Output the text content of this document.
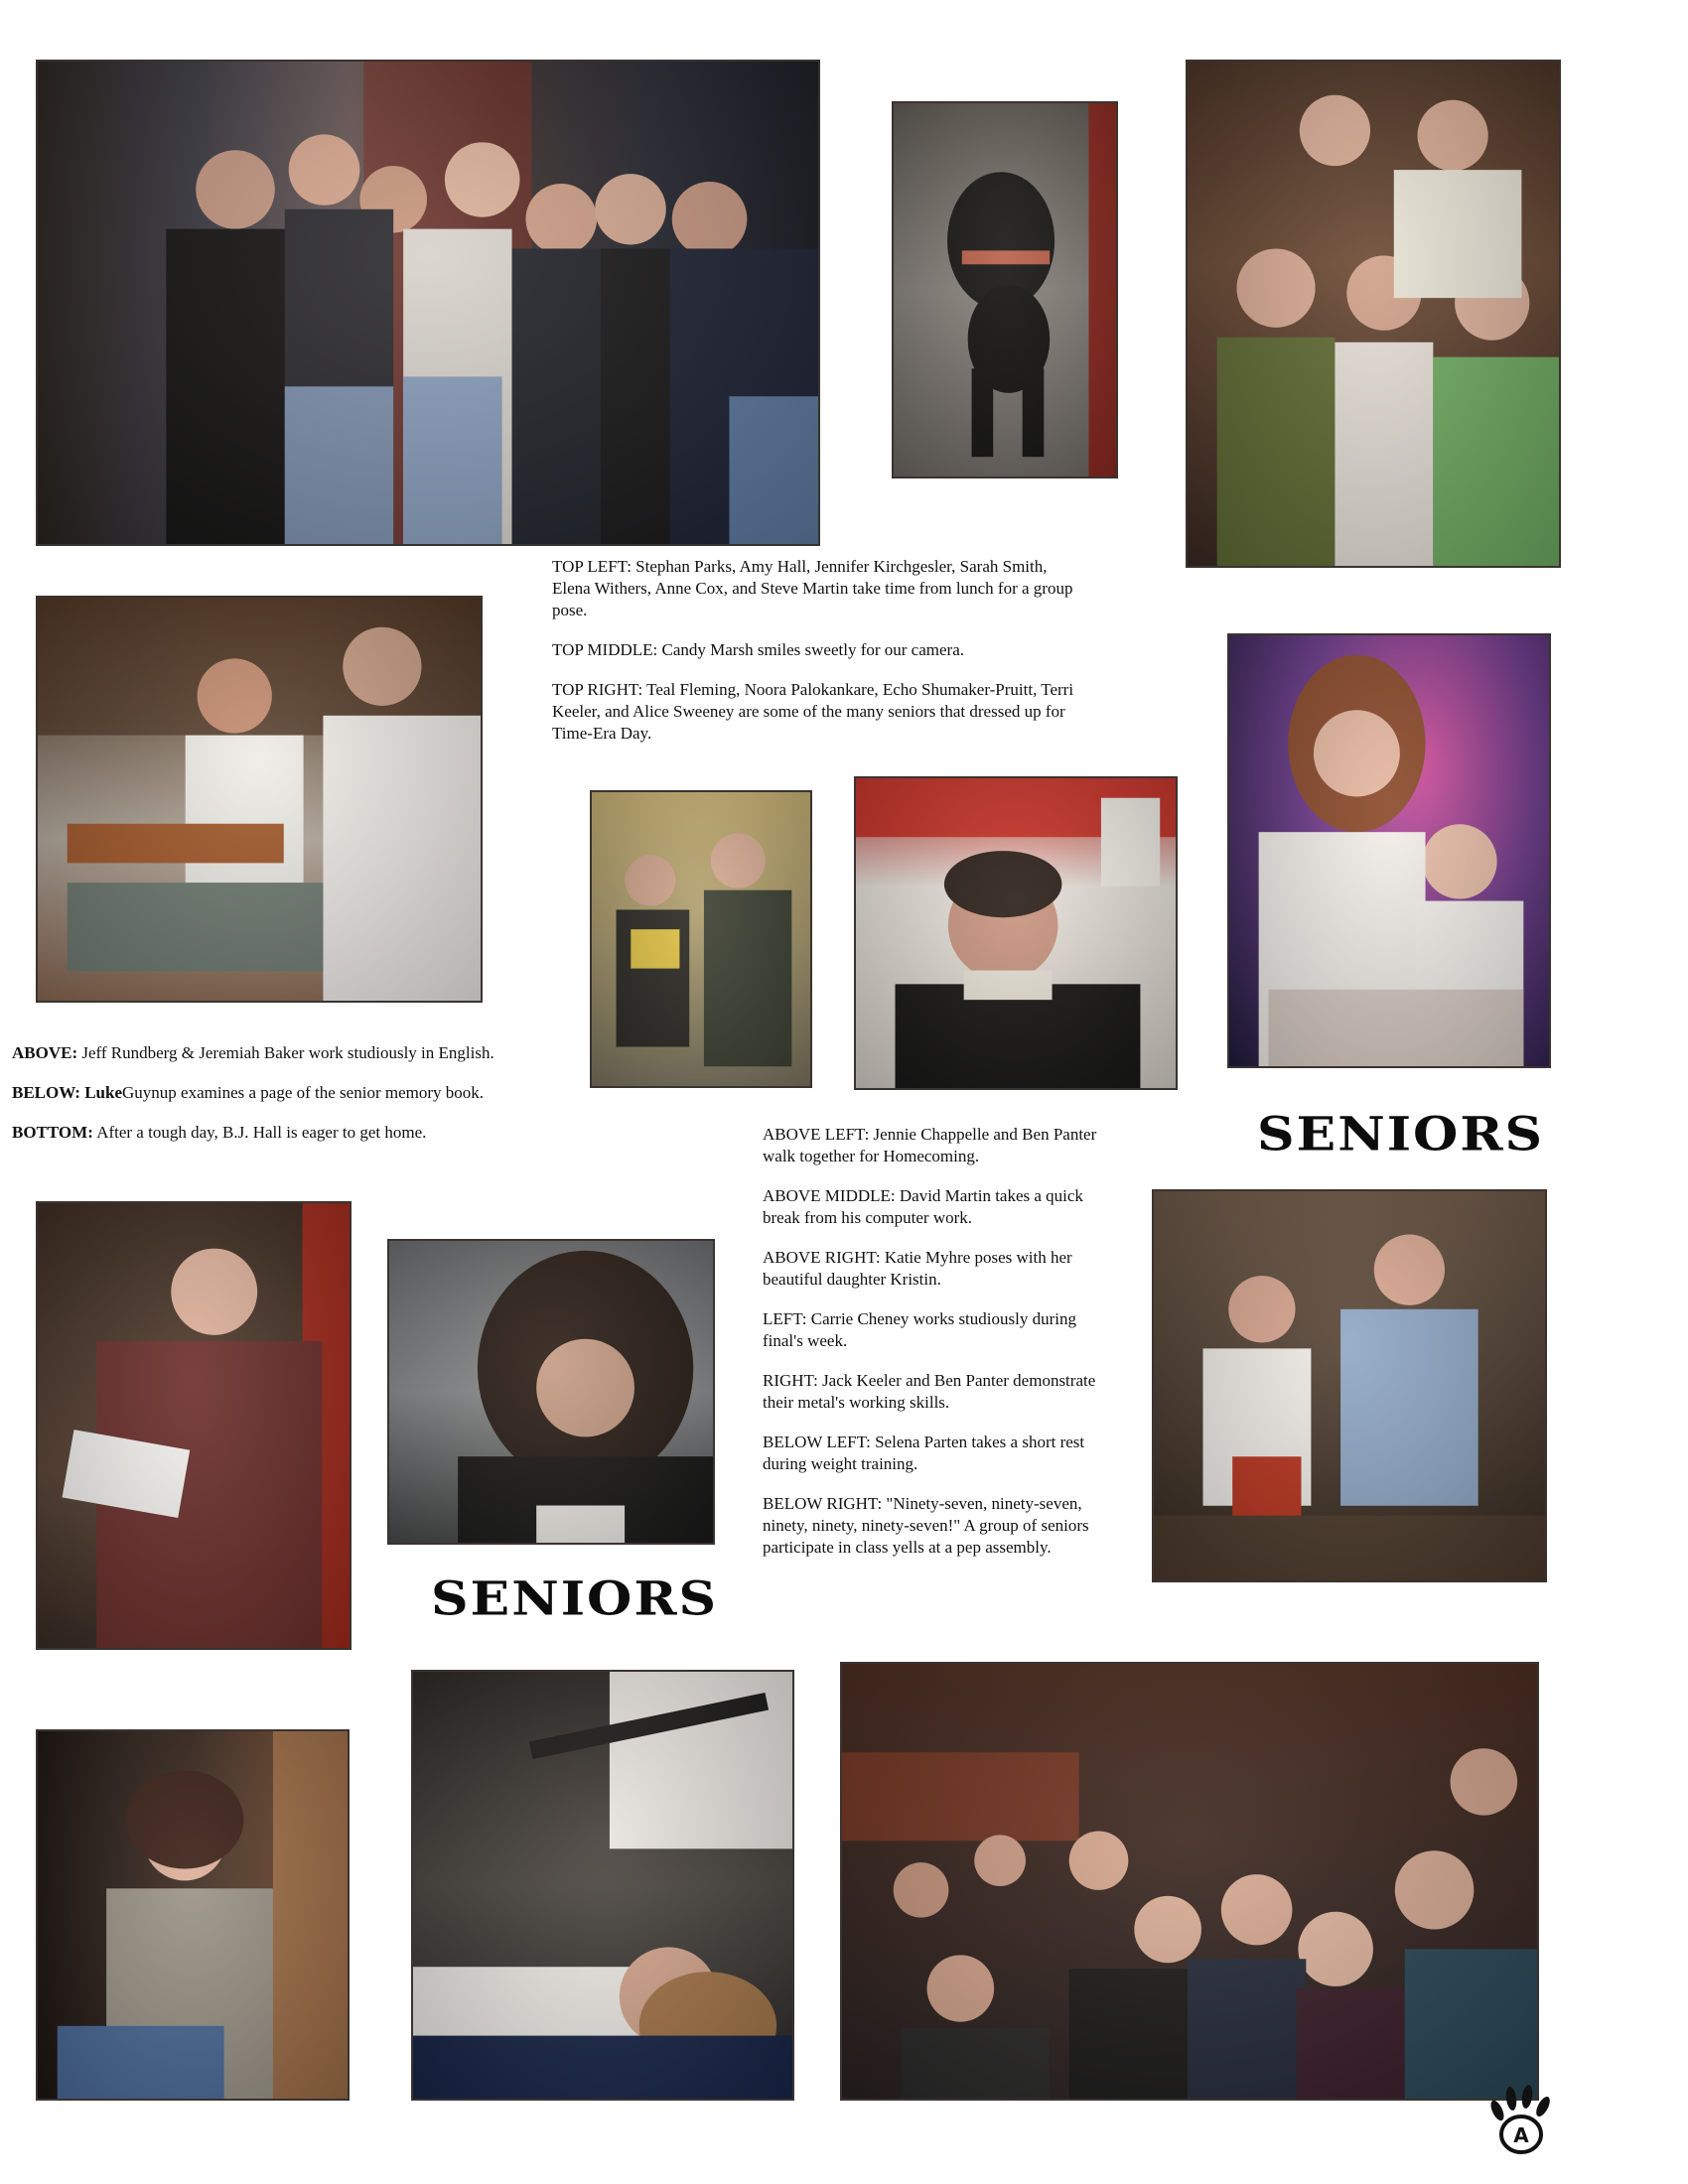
TOP LEFT: Stephan Parks, Amy Hall, Jennifer Kirchgesler, Sarah Smith, Elena Withers, Anne Cox, and Steve Martin take time from lunch for a group pose.

TOP MIDDLE: Candy Marsh smiles sweetly for our camera.

TOP RIGHT: Teal Fleming, Noora Palokankare, Echo Shumaker-Pruitt, Terri Keeler, and Alice Sweeney are some of the many seniors that dressed up for Time-Era Day.

ABOVE: Jeff Rundberg & Jeremiah Baker work studiously in English.

BELOW: LukeGuynup examines a page of the senior memory book.

BOTTOM: After a tough day, B.J. Hall is eager to get home.	ABOVE LEFT: Jennie Chappelle and Ben Panter walk together for Homecoming.

ABOVE MIDDLE: David Martin takes a quick break from his computer work.

ABOVE RIGHT: Katie Myhre poses with her beautiful daughter Kristin.

LEFT: Carrie Cheney works studiously during final's week.

RIGHT: Jack Keeler and Ben Panter demonstrate their metal's working skills.

BELOW LEFT: Selena Parten takes a short rest during weight training.

BELOW RIGHT: "Ninety-seven, ninety-seven, ninety, ninety, ninety-seven!" A group of seniors participate in class yells at a pep assembly.

SENIORS
SENIORS
A
